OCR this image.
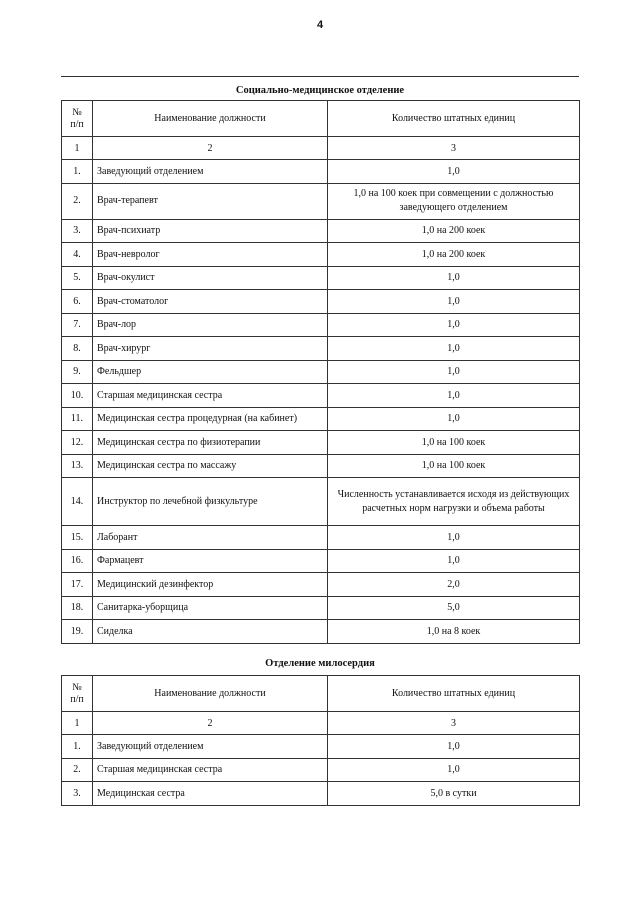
4
Социально-медицинское отделение
№
п/п	Наименование должности	Количество штатных единиц
1	2	3
1.	Заведующий отделением	1,0
2.	Врач-терапевт	1,0 на 100 коек при совмещении с должностью заведующего отделением
3.	Врач-психиатр	1,0 на 200 коек
4.	Врач-невролог	1,0 на 200 коек
5.	Врач-окулист	1,0
6.	Врач-стоматолог	1,0
7.	Врач-лор	1,0
8.	Врач-хирург	1,0
9.	Фельдшер	1,0
10.	Старшая медицинская сестра	1,0
11.	Медицинская сестра процедурная (на кабинет)	1,0
12.	Медицинская сестра по физиотерапии	1,0 на 100 коек
13.	Медицинская сестра по массажу	1,0 на 100 коек
14.	Инструктор по лечебной физкультуре	Численность устанавливается исходя из действующих расчетных норм нагрузки и объема работы
15.	Лаборант	1,0
16.	Фармацевт	1,0
17.	Медицинский дезинфектор	2,0
18.	Санитарка-уборщица	5,0
19.	Сиделка	1,0 на 8 коек
Отделение милосердия
№
п/п	Наименование должности	Количество штатных единиц
1	2	3
1.	Заведующий отделением	1,0
2.	Старшая медицинская сестра	1,0
3.	Медицинская сестра	5,0 в сутки
